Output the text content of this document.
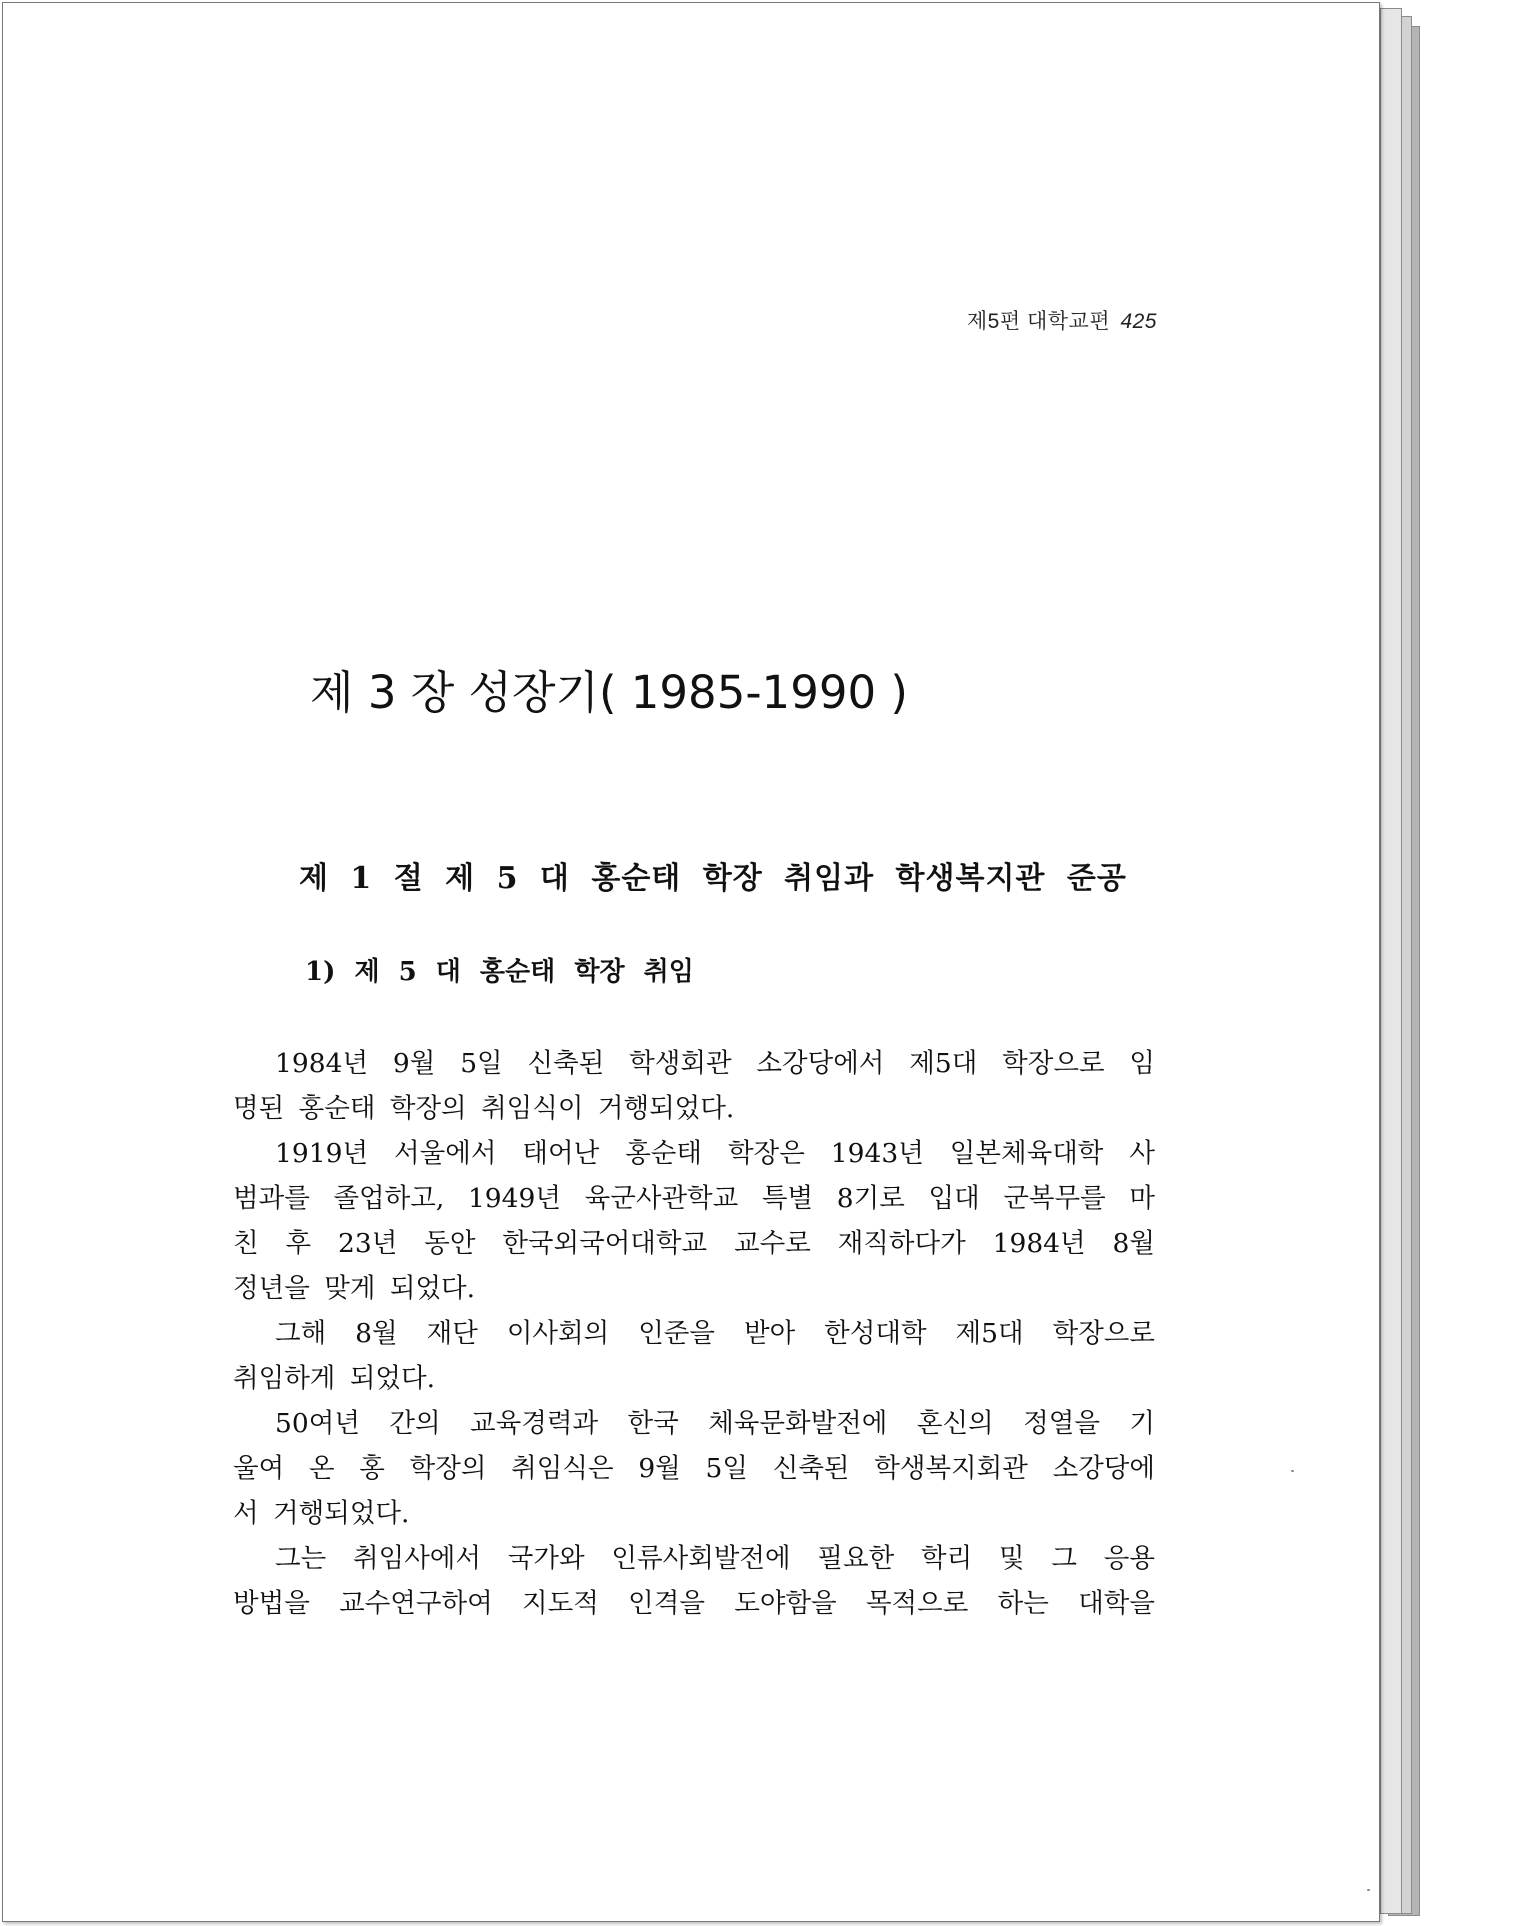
제5편 대학교편 425
제 3 장 성장기( 1985-1990 )
제 1 절 제 5 대 홍순태 학장 취임과 학생복지관 준공
1) 제 5 대 홍순태 학장 취임

1984년 9월 5일 신축된 학생회관 소강당에서 제5대 학장으로 임
명된 홍순태 학장의 취임식이 거행되었다.

1919년 서울에서 태어난 홍순태 학장은 1943년 일본체육대학 사
범과를 졸업하고, 1949년 육군사관학교 특별 8기로 입대 군복무를 마
친 후 23년 동안 한국외국어대학교 교수로 재직하다가 1984년 8월
정년을 맞게 되었다.

그해 8월 재단 이사회의 인준을 받아 한성대학 제5대 학장으로
취임하게 되었다.

50여년 간의 교육경력과 한국 체육문화발전에 혼신의 정열을 기
울여 온 홍 학장의 취임식은 9월 5일 신축된 학생복지회관 소강당에
서 거행되었다.

그는 취임사에서 국가와 인류사회발전에 필요한 학리 및 그 응용
방법을 교수연구하여 지도적 인격을 도야함을 목적으로 하는 대학을
